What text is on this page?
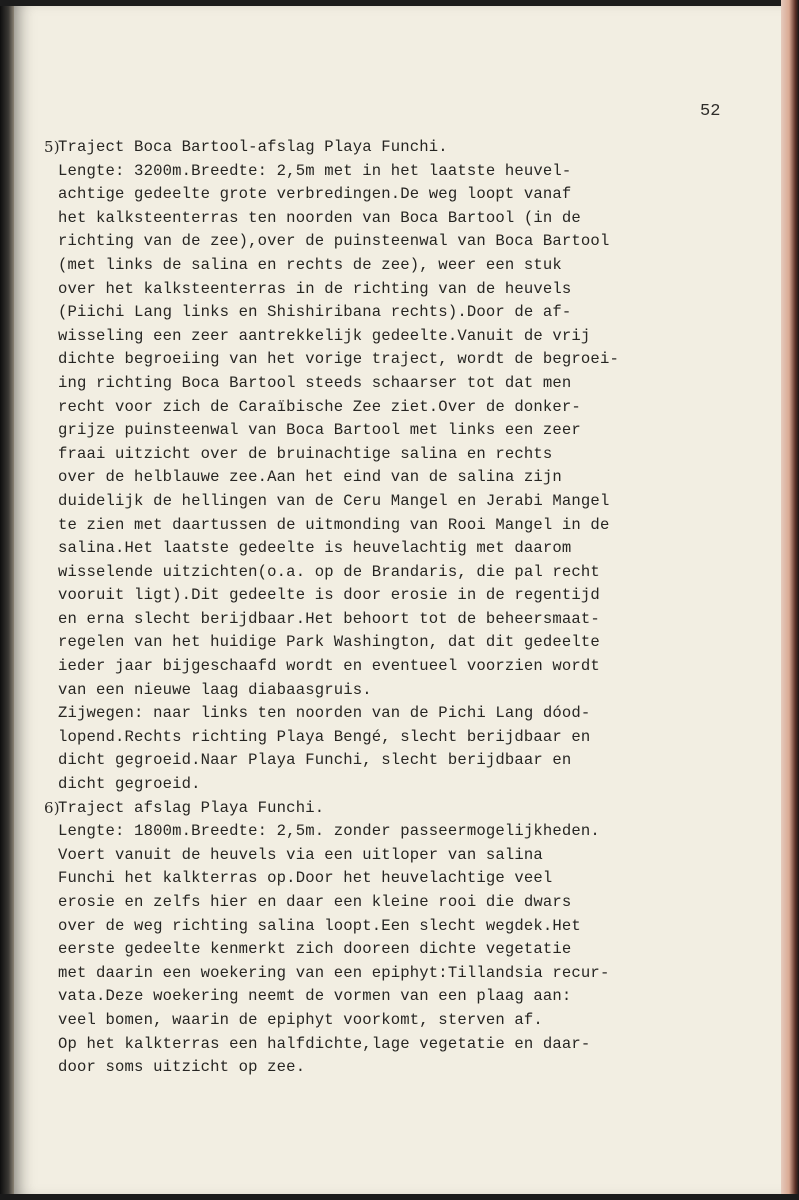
52
5)
Traject Boca Bartool-afslag Playa Funchi.
Lengte: 3200m.Breedte: 2,5m met in het laatste heuvel-
achtige gedeelte grote verbredingen.De weg loopt vanaf
het kalksteenterras ten noorden van Boca Bartool (in de
richting van de zee),over de puinsteenwal van Boca Bartool
(met links de salina en rechts de zee), weer een stuk
over het kalksteenterras in de richting van de heuvels
(Piichi Lang links en Shishiribana rechts).Door de af-
wisseling een zeer aantrekkelijk gedeelte.Vanuit de vrij
dichte begroeiing van het vorige traject, wordt de begroei-
ing richting Boca Bartool steeds schaarser tot dat men
recht voor zich de Caraïbische Zee ziet.Over de donker-
grijze puinsteenwal van Boca Bartool met links een zeer
fraai uitzicht over de bruinachtige salina en rechts
over de helblauwe zee.Aan het eind van de salina zijn
duidelijk de hellingen van de Ceru Mangel en Jerabi Mangel
te zien met daartussen de uitmonding van Rooi Mangel in de
salina.Het laatste gedeelte is heuvelachtig met daarom
wisselende uitzichten(o.a. op de Brandaris, die pal recht
vooruit ligt).Dit gedeelte is door erosie in de regentijd
en erna slecht berijdbaar.Het behoort tot de beheersmaat-
regelen van het huidige Park Washington, dat dit gedeelte
ieder jaar bijgeschaafd wordt en eventueel voorzien wordt
van een nieuwe laag diabaasgruis.
Zijwegen: naar links ten noorden van de Pichi Lang dóod-
lopend.Rechts richting Playa Bengé, slecht berijdbaar en
dicht gegroeid.Naar Playa Funchi, slecht berijdbaar en
dicht gegroeid.
6)
Traject afslag Playa Funchi.
Lengte: 1800m.Breedte: 2,5m. zonder passeermogelijkheden.
Voert vanuit de heuvels via een uitloper van salina
Funchi het kalkterras op.Door het heuvelachtige veel
erosie en zelfs hier en daar een kleine rooi die dwars
over de weg richting salina loopt.Een slecht wegdek.Het
eerste gedeelte kenmerkt zich dooreen dichte vegetatie
met daarin een woekering van een epiphyt:Tillandsia recur-
vata.Deze woekering neemt de vormen van een plaag aan:
veel bomen, waarin de epiphyt voorkomt, sterven af.
Op het kalkterras een halfdichte,lage vegetatie en daar-
door soms uitzicht op zee.
